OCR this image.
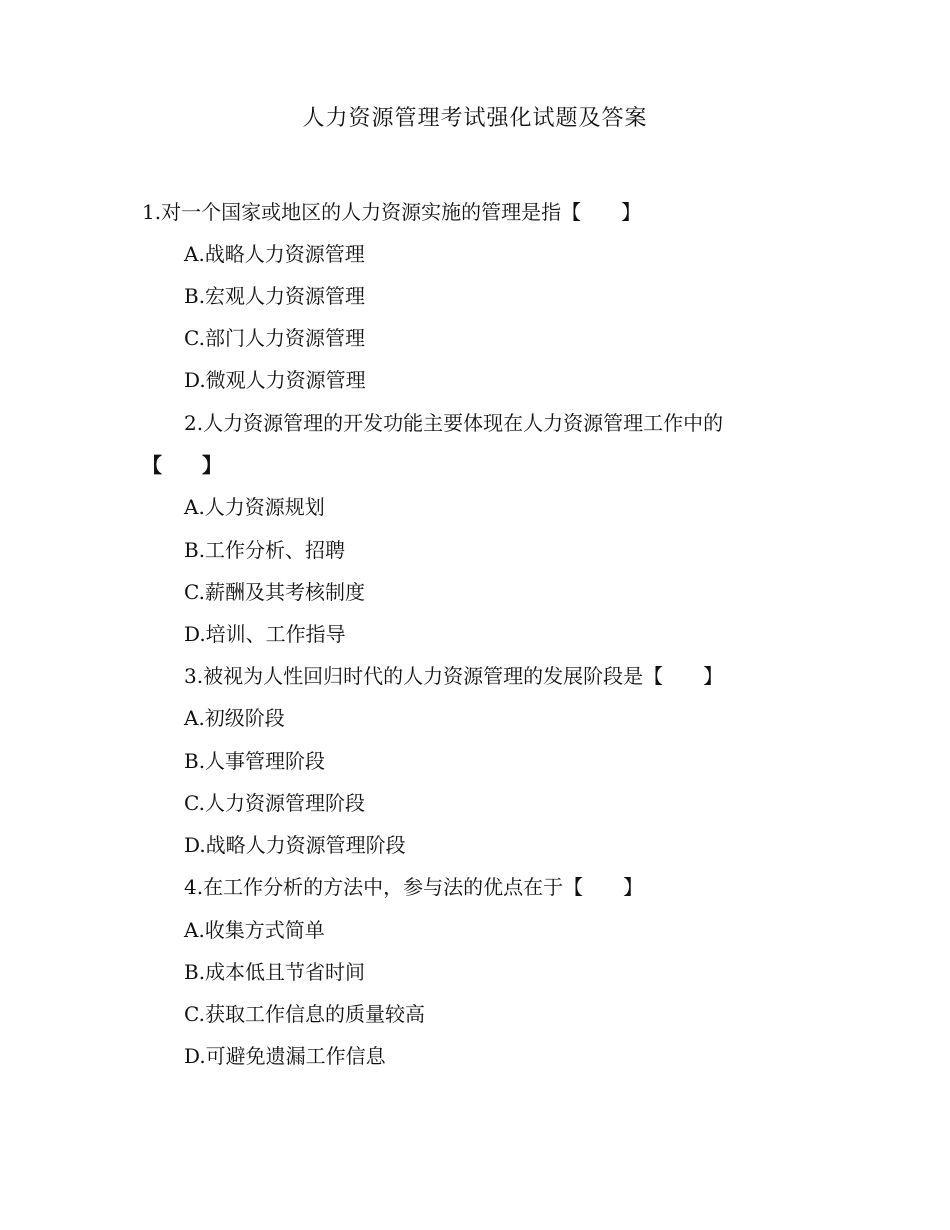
人力资源管理考试强化试题及答案
1.对一个国家或地区的人力资源实施的管理是指【　　】
A.战略人力资源管理
B.宏观人力资源管理
C.部门人力资源管理
D.微观人力资源管理
2.人力资源管理的开发功能主要体现在人力资源管理工作中的
【　　】
A.人力资源规划
B.工作分析、招聘
C.薪酬及其考核制度
D.培训、工作指导
3.被视为人性回归时代的人力资源管理的发展阶段是【　　】
A.初级阶段
B.人事管理阶段
C.人力资源管理阶段
D.战略人力资源管理阶段
4.在工作分析的方法中，参与法的优点在于【　　】
A.收集方式简单
B.成本低且节省时间
C.获取工作信息的质量较高
D.可避免遗漏工作信息
